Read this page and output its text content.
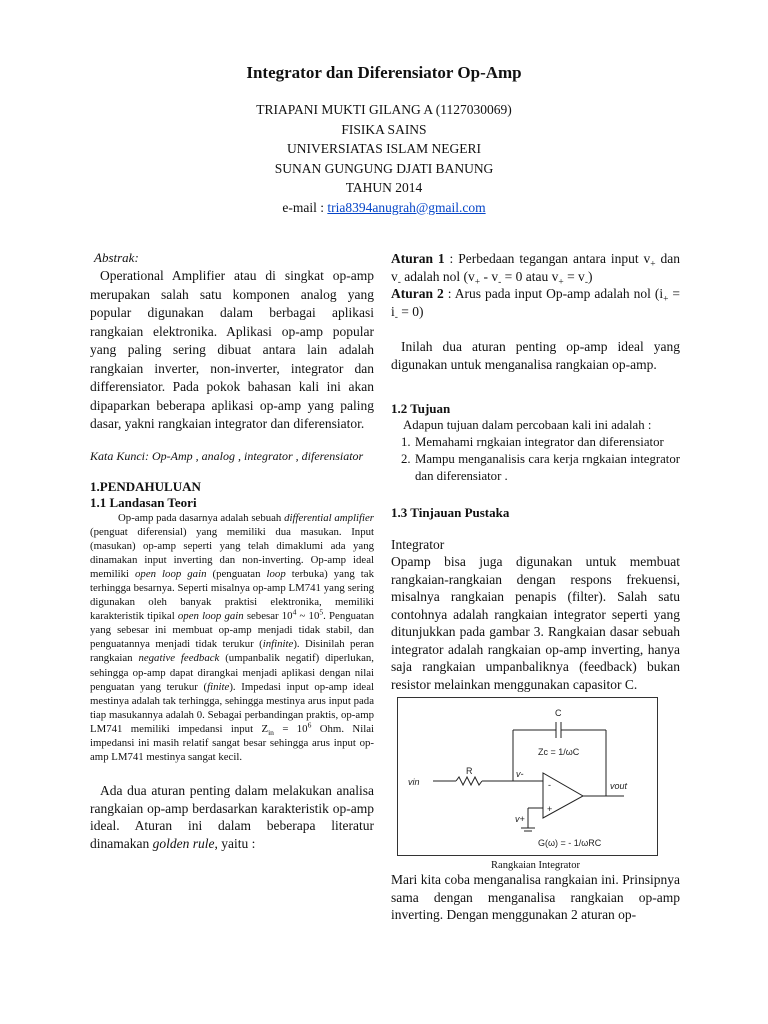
Integrator dan Diferensiator Op-Amp
TRIAPANI MUKTI GILANG A (1127030069)
FISIKA SAINS
UNIVERSIATAS ISLAM NEGERI
SUNAN GUNGUNG DJATI BANUNG
TAHUN 2014
e-mail : tria8394anugrah@gmail.com
Abstrak:

Operational Amplifier atau di singkat op-amp merupakan salah satu komponen analog yang popular digunakan dalam berbagai aplikasi rangkaian elektronika. Aplikasi op-amp popular yang paling sering dibuat antara lain adalah rangkaian inverter, non-inverter, integrator dan differensiator. Pada pokok bahasan kali ini akan dipaparkan beberapa aplikasi op-amp yang paling dasar, yakni rangkaian integrator dan diferensiator.

Kata Kunci: Op-Amp , analog , integrator , diferensiator

1.PENDAHULUAN
1.1 Landasan Teori

Op-amp pada dasarnya adalah sebuah differential amplifier (penguat diferensial) yang memiliki dua masukan. Input (masukan) op-amp seperti yang telah dimaklumi ada yang dinamakan input inverting dan non-inverting. Op-amp ideal memiliki open loop gain (penguatan loop terbuka) yang tak terhingga besarnya. Seperti misalnya op-amp LM741 yang sering digunakan oleh banyak praktisi elektronika, memiliki karakteristik tipikal open loop gain sebesar $10^4$ ~ $10^5$. Penguatan yang sebesar ini membuat op-amp menjadi tidak stabil, dan penguatannya menjadi tidak terukur (infinite). Disinilah peran rangkaian negative feedback (umpanbalik negatif) diperlukan, sehingga op-amp dapat dirangkai menjadi aplikasi dengan nilai penguatan yang terukur (finite). Impedasi input op-amp ideal mestinya adalah tak terhingga, sehingga mestinya arus input pada tiap masukannya adalah 0. Sebagai perbandingan praktis, op-amp LM741 memiliki impedansi input $Z_{in} = 10^6$ Ohm. Nilai impedansi ini masih relatif sangat besar sehingga arus input op-amp LM741 mestinya sangat kecil.

Ada dua aturan penting dalam melakukan analisa rangkaian op-amp berdasarkan karakteristik op-amp ideal. Aturan ini dalam beberapa literatur dinamakan golden rule, yaitu :

Aturan 1 : Perbedaan tegangan antara input $v_+$ dan $v_-$ adalah nol ($v_+ - v_- = 0$ atau $v_+ = v_-$)

Aturan 2 : Arus pada input Op-amp adalah nol $(i_+ = i_- = 0)$

Inilah dua aturan penting op-amp ideal yang digunakan untuk menganalisa rangkaian op-amp.

1.2 Tujuan

Adapun tujuan dalam percobaan kali ini adalah :

1. Memahami rngkaian integrator dan diferensiator
2. Mampu menganalisis cara kerja rngkaian integrator dan diferensiator .
1.3 Tinjauan Pustaka
Integrator

Opamp bisa juga digunakan untuk membuat rangkaian-rangkaian dengan respons frekuensi, misalnya rangkaian penapis (filter). Salah satu contohnya adalah rangkaian integrator seperti yang ditunjukkan pada gambar 3. Rangkaian dasar sebuah integrator adalah rangkaian op-amp inverting, hanya saja rangkaian umpanbaliknya (feedback) bukan resistor melainkan menggunakan capasitor C.

C
Zc = 1/ωC
vin
R	v-
vout
v+
-
+
G(ω) = - 1/ωRC
Rangkaian Integrator

Mari kita coba menganalisa rangkaian ini. Prinsipnya sama dengan menganalisa rangkaian op-amp inverting. Dengan menggunakan 2 aturan op-
